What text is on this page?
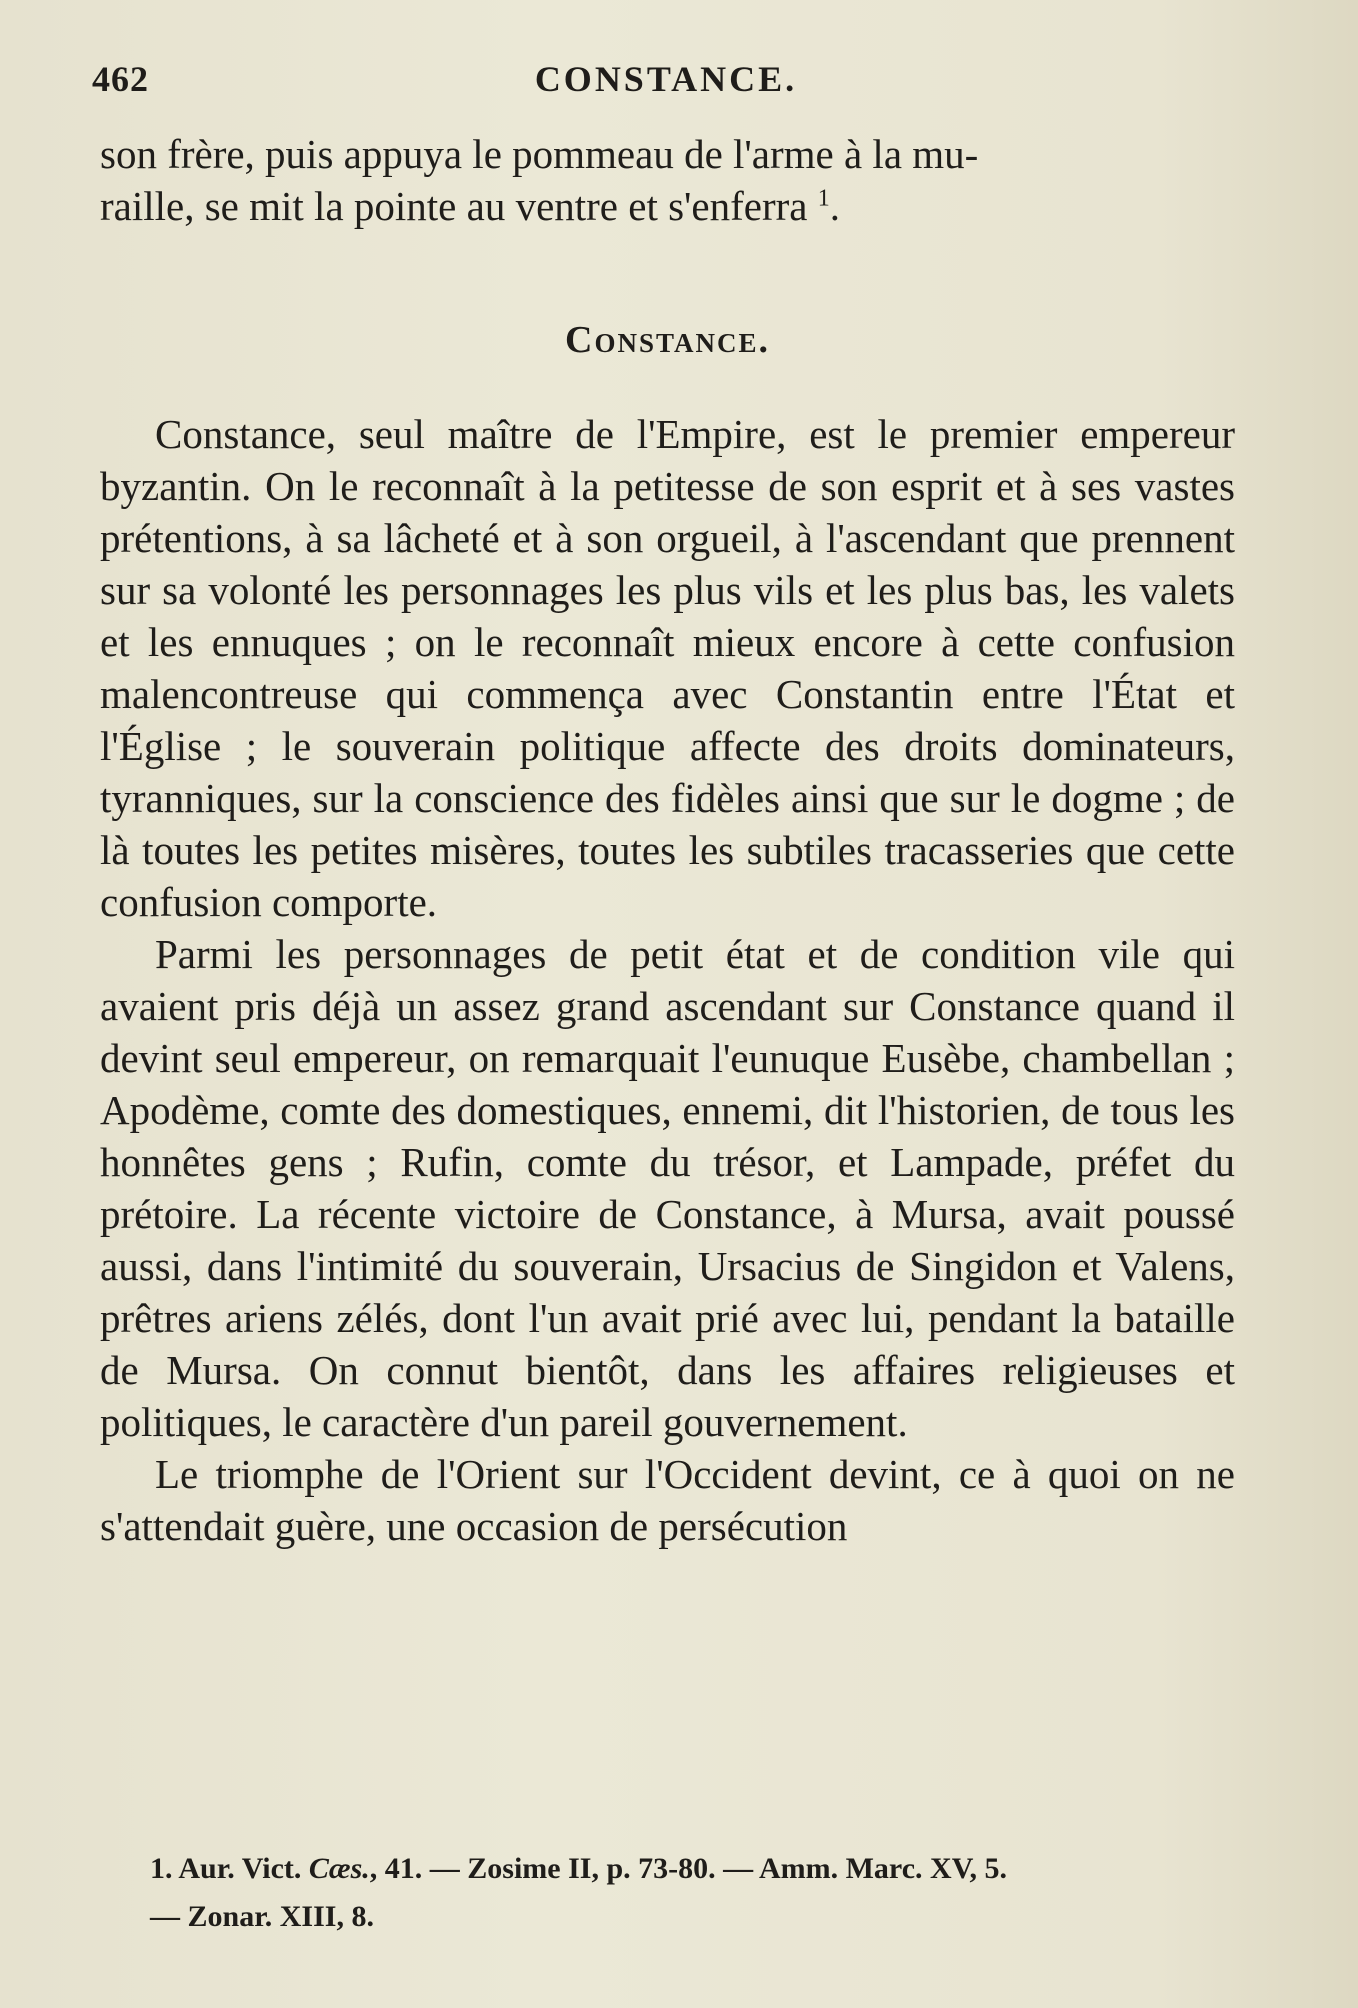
462	CONSTANCE.
son frère, puis appuya le pommeau de l'arme à la mu-
raille, se mit la pointe au ventre et s'enferra $^1$.
Constance.

Constance, seul maître de l'Empire, est le premier empereur byzantin. On le reconnaît à la petitesse de son esprit et à ses vastes prétentions, à sa lâcheté et à son orgueil, à l'ascendant que prennent sur sa volonté les personnages les plus vils et les plus bas, les valets et les ennuques ; on le reconnaît mieux encore à cette confusion malencontreuse qui commença avec Constantin entre l'État et l'Église ; le souverain politique affecte des droits dominateurs, tyranniques, sur la conscience des fidèles ainsi que sur le dogme ; de là toutes les petites misères, toutes les subtiles tracasseries que cette confusion comporte.

Parmi les personnages de petit état et de condition vile qui avaient pris déjà un assez grand ascendant sur Constance quand il devint seul empereur, on remarquait l'eunuque Eusèbe, chambellan ; Apodème, comte des domestiques, ennemi, dit l'historien, de tous les honnêtes gens ; Rufin, comte du trésor, et Lampade, préfet du prétoire. La récente victoire de Constance, à Mursa, avait poussé aussi, dans l'intimité du souverain, Ursacius de Singidon et Valens, prêtres ariens zélés, dont l'un avait prié avec lui, pendant la bataille de Mursa. On connut bientôt, dans les affaires religieuses et politiques, le caractère d'un pareil gouvernement.

Le triomphe de l'Orient sur l'Occident devint, ce à quoi on ne s'attendait guère, une occasion de persécution

1. Aur. Vict. Cæs., 41. — Zosime II, p. 73-80. — Amm. Marc. XV, 5.

— Zonar. XIII, 8.
